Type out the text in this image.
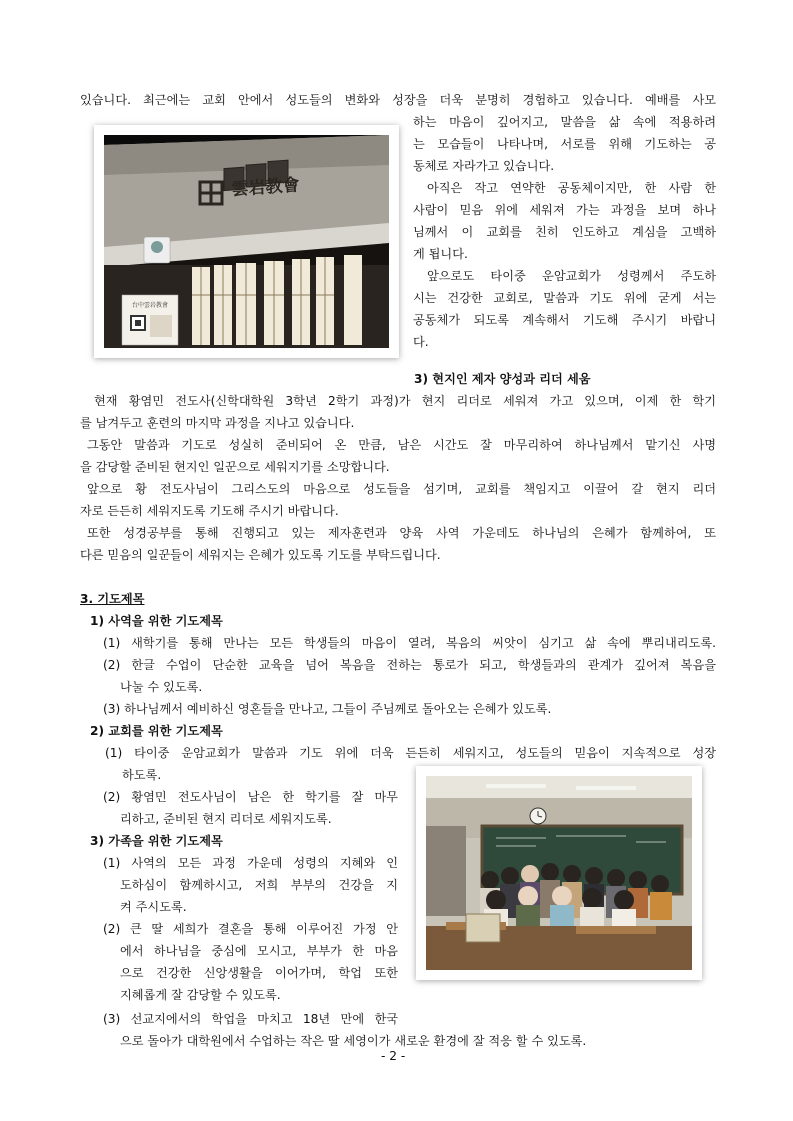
있습니다. 최근에는 교회 안에서 성도들의 변화와 성장을 더욱 분명히 경험하고 있습니다. 예배를 사모
하는 마음이 깊어지고, 말씀을 삶 속에 적용하려
는 모습들이 나타나며, 서로를 위해 기도하는 공
동체로 자라가고 있습니다.
아직은 작고 연약한 공동체이지만, 한 사람 한
사람이 믿음 위에 세워져 가는 과정을 보며 하나
님께서 이 교회를 친히 인도하고 계심을 고백하
게 됩니다.
앞으로도 타이중 운암교회가 성령께서 주도하
시는 건강한 교회로, 말씀과 기도 위에 굳게 서는
공동체가 되도록 계속해서 기도해 주시기 바랍니
다.
雲岩教會
台中雲岩教會
3) 현지인 제자 양성과 리더 세움
현재 황염민 전도사(신학대학원 3학년 2학기 과정)가 현지 리더로 세워져 가고 있으며, 이제 한 학기
를 남겨두고 훈련의 마지막 과정을 지나고 있습니다.
그동안 말씀과 기도로 성실히 준비되어 온 만큼, 남은 시간도 잘 마무리하여 하나님께서 맡기신 사명
을 감당할 준비된 현지인 일꾼으로 세워지기를 소망합니다.
앞으로 황 전도사님이 그리스도의 마음으로 성도들을 섬기며, 교회를 책임지고 이끌어 갈 현지 리더
자로 든든히 세워지도록 기도해 주시기 바랍니다.
또한 성경공부를 통해 진행되고 있는 제자훈련과 양육 사역 가운데도 하나님의 은혜가 함께하여, 또
다른 믿음의 일꾼들이 세워지는 은혜가 있도록 기도를 부탁드립니다.
3. 기도제목
1) 사역을 위한 기도제목
(1) 새학기를 통해 만나는 모든 학생들의 마음이 열려, 복음의 씨앗이 심기고 삶 속에 뿌리내리도록.
(2) 한글 수업이 단순한 교육을 넘어 복음을 전하는 통로가 되고, 학생들과의 관계가 깊어져 복음을
나눌 수 있도록.
(3) 하나님께서 예비하신 영혼들을 만나고, 그들이 주님께로 돌아오는 은혜가 있도록.
2) 교회를 위한 기도제목
(1) 타이중 운암교회가 말씀과 기도 위에 더욱 든든히 세워지고, 성도들의 믿음이 지속적으로 성장
하도록.
(2) 황염민 전도사님이 남은 한 학기를 잘 마무
리하고, 준비된 현지 리더로 세워지도록.
3) 가족을 위한 기도제목
(1) 사역의 모든 과정 가운데 성령의 지혜와 인
도하심이 함께하시고, 저희 부부의 건강을 지
켜 주시도록.
(2) 큰 딸 세희가 결혼을 통해 이루어진 가정 안
에서 하나님을 중심에 모시고, 부부가 한 마음
으로 건강한 신앙생활을 이어가며, 학업 또한
지혜롭게 잘 감당할 수 있도록.
(3) 선교지에서의 학업을 마치고 18년 만에 한국
으로 돌아가 대학원에서 수업하는 작은 딸 세영이가 새로운 환경에 잘 적응 할 수 있도록.
- 2 -
